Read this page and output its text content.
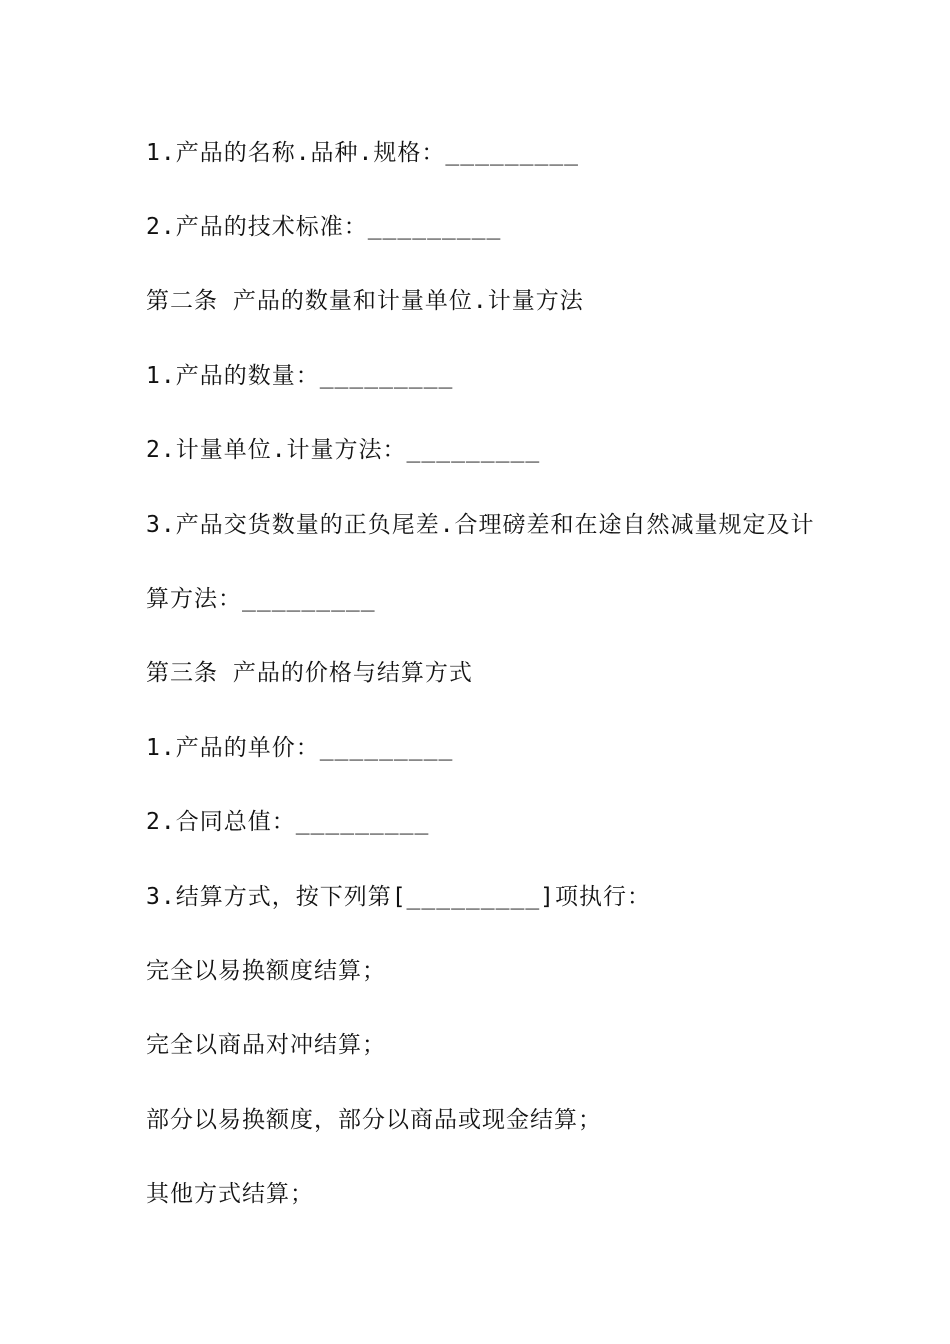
1.产品的名称.品种.规格：_________
2.产品的技术标准：_________
第二条 产品的数量和计量单位.计量方法
1.产品的数量：_________
2.计量单位.计量方法：_________
3.产品交货数量的正负尾差.合理磅差和在途自然减量规定及计
算方法：_________
第三条 产品的价格与结算方式
1.产品的单价：_________
2.合同总值：_________
3.结算方式，按下列第[_________]项执行：
完全以易换额度结算；
完全以商品对冲结算；
部分以易换额度，部分以商品或现金结算；
其他方式结算；
